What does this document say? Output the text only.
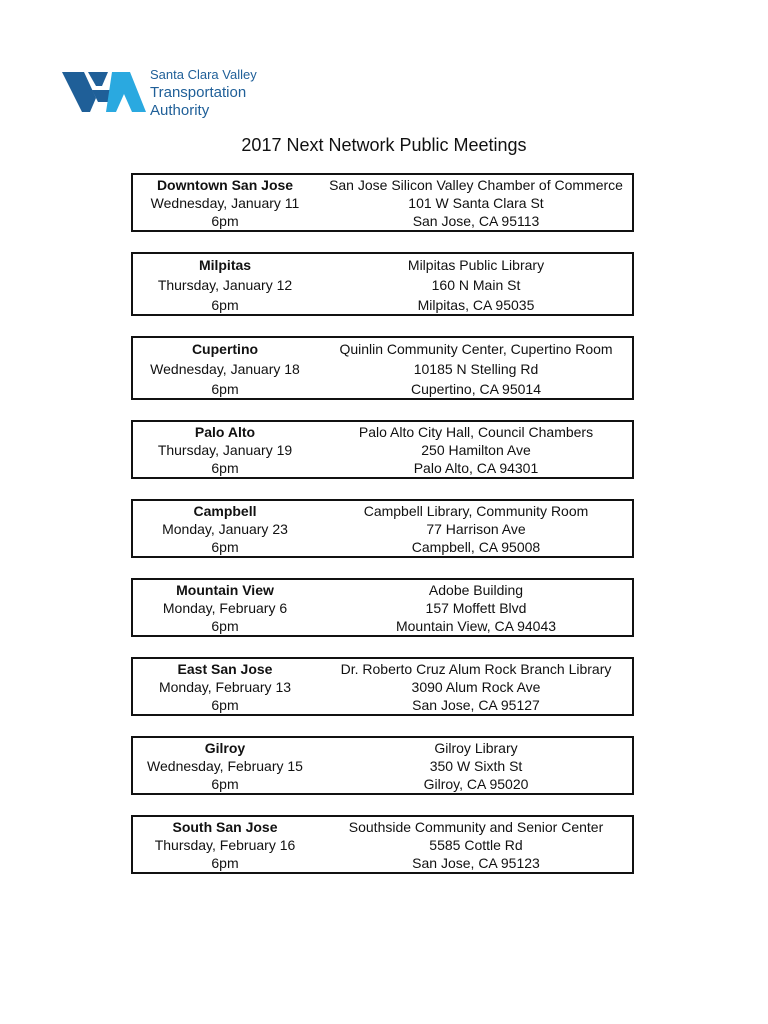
Santa Clara Valley
Transportation
Authority
2017 Next Network Public Meetings
Downtown San Jose
Wednesday, January 11
6pm
San Jose Silicon Valley Chamber of Commerce
101 W Santa Clara St
San Jose, CA 95113
Milpitas
Thursday, January 12
6pm
Milpitas Public Library
160 N Main St
Milpitas, CA 95035
Cupertino
Wednesday, January 18
6pm
Quinlin Community Center, Cupertino Room
10185 N Stelling Rd
Cupertino, CA 95014
Palo Alto
Thursday, January 19
6pm
Palo Alto City Hall, Council Chambers
250 Hamilton Ave
Palo Alto, CA 94301
Campbell
Monday, January 23
6pm
Campbell Library, Community Room
77 Harrison Ave
Campbell, CA 95008
Mountain View
Monday, February 6
6pm
Adobe Building
157 Moffett Blvd
Mountain View, CA 94043
East San Jose
Monday, February 13
6pm
Dr. Roberto Cruz Alum Rock Branch Library
3090 Alum Rock Ave
San Jose, CA 95127
Gilroy
Wednesday, February 15
6pm
Gilroy Library
350 W Sixth St
Gilroy, CA 95020
South San Jose
Thursday, February 16
6pm
Southside Community and Senior Center
5585 Cottle Rd
San Jose, CA 95123
